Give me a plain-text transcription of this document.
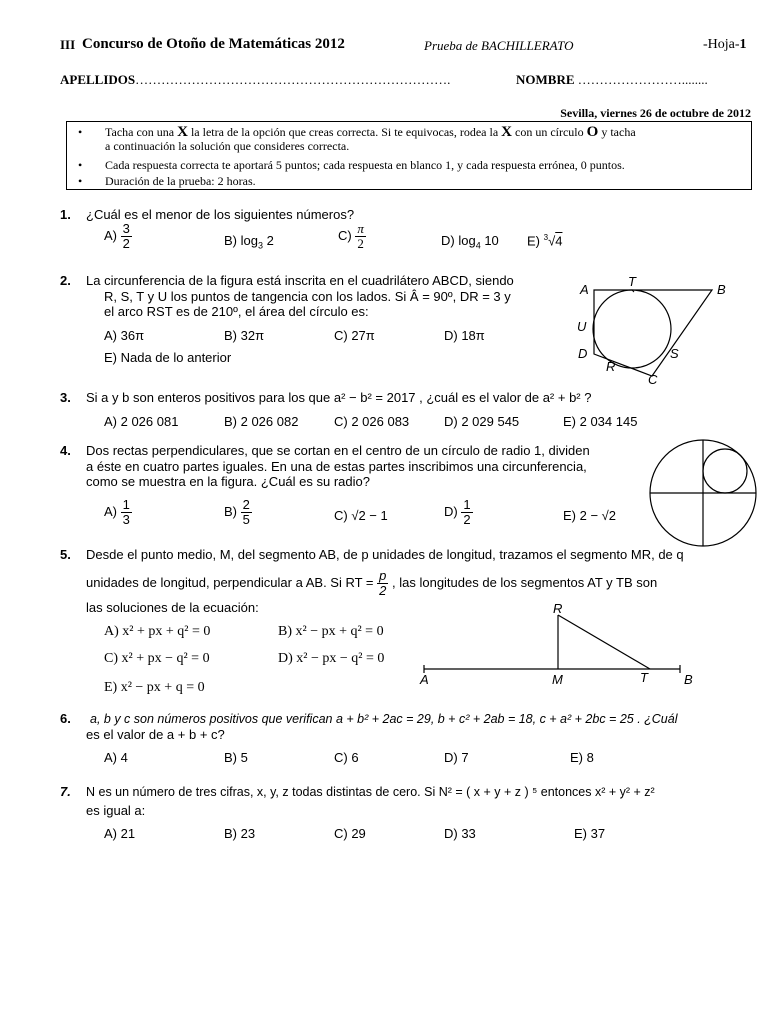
III Concurso de Otoño de Matemáticas 2012	Prueba de BACHILLERATO	-Hoja-1
APELLIDOS……………………………………………………………….	NOMBRE ……………………........
Sevilla, viernes 26 de octubre de 2012
• Tacha con una X la letra de la opción que creas correcta. Si te equivocas, rodea la X con un círculo O y tacha
a continuación la solución que consideres correcta.
• Cada respuesta correcta te aportará 5 puntos; cada respuesta en blanco 1, y cada respuesta errónea, 0 puntos.
• Duración de la prueba: 2 horas.
1. ¿Cuál es el menor de los siguientes números?
$A) \frac{3}{2}$	B) $\log_3 2$	$C) \frac{\pi}{2}$	D) $\log_4 10$ E) $^3$√4
2. La circunferencia de la figura está inscrita en el cuadrilátero ABCD, siendo
R, S, T y U los puntos de tangencia con los lados. Si Â = 90º, DR = 3 y
el arco RST es de 210º, el área del círculo es:
A) 36π	B) 32π	C) 27π	D) 18π
E) Nada de lo anterior
A
T
B
U
D	S
R
C
3. Si a y b son enteros positivos para los que a² − b² = 2017 , ¿cuál es el valor de a² + b² ?
A) 2 026 081	B) 2 026 082	C) 2 026 083	D) 2 029 545	E) 2 034 145
4. Dos rectas perpendiculares, que se cortan en el centro de un círculo de radio 1, dividen
a éste en cuatro partes iguales. En una de estas partes inscribimos una circunferencia,
como se muestra en la figura. ¿Cuál es su radio?
$A) \frac{1}{3}$	$B) \frac{2}{5}$	C) √2 − 1	$D) \frac{1}{2}$	E) 2 − √2
5. Desde el punto medio, M, del segmento AB, de p unidades de longitud, trazamos el segmento MR, de q
unidades de longitud, perpendicular a AB. Si RT = $\frac{p}{2}$ , las longitudes de los segmentos AT y TB son
las soluciones de la ecuación:
A) x² + px + q² = 0	B) x² − px + q² = 0
C) x² + px − q² = 0	D) x² − px − q² = 0
E) x² − px + q = 0
R
A	M	T	B
6. a, b y c son números positivos que verifican a + b² + 2ac = 29, b + c² + 2ab = 18, c + a² + 2bc = 25 . ¿Cuál
es el valor de a + b + c?
A) 4	B) 5	C) 6	D) 7	E) 8
7. N es un número de tres cifras, x, y, z todas distintas de cero. Si N² = ( x + y + z ) ⁵ entonces x² + y² + z²
es igual a:
A) 21	B) 23	C) 29	D) 33	E) 37
